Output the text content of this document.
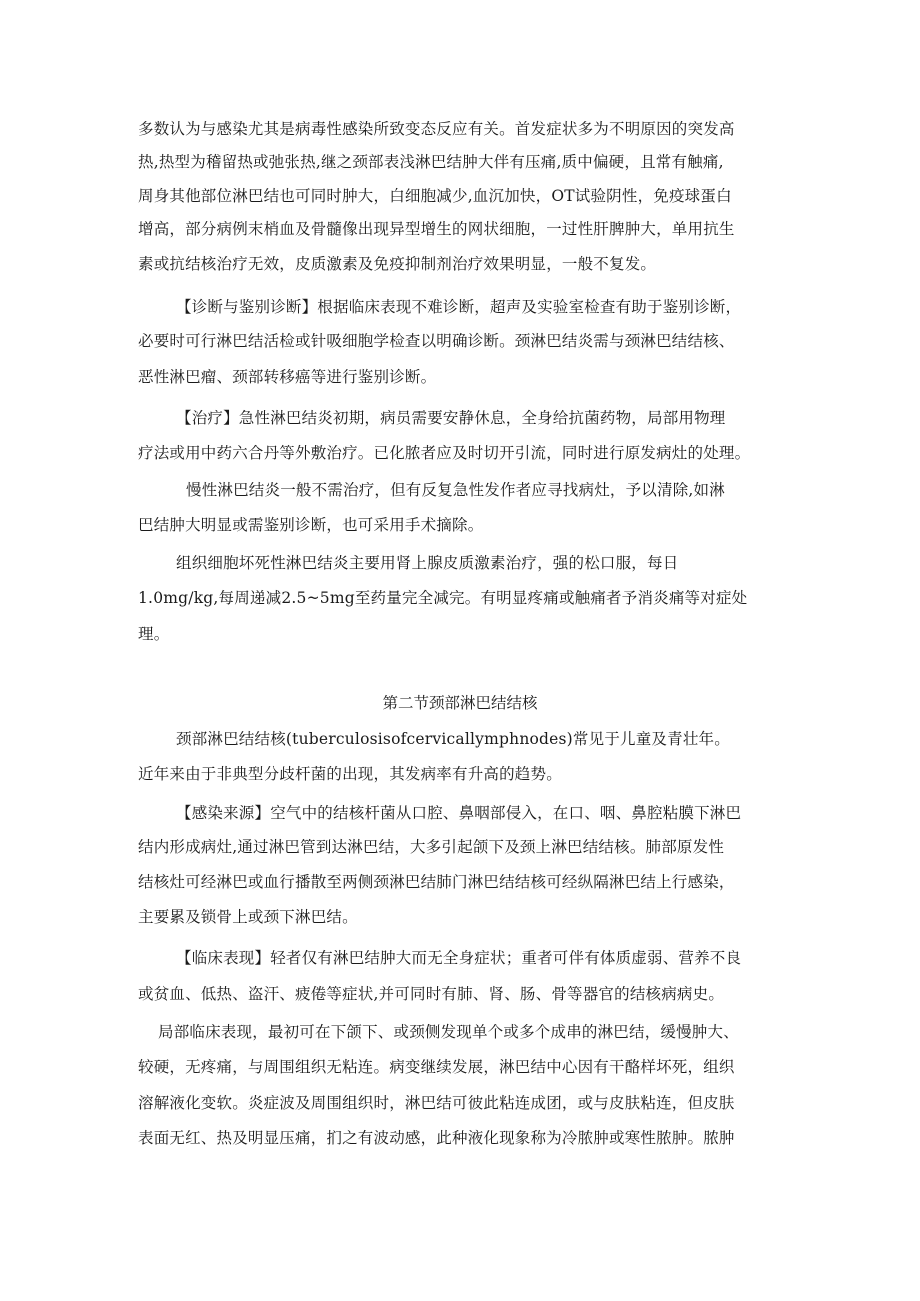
多数认为与感染尤其是病毒性感染所致变态反应有关。首发症状多为不明原因的突发高

热,热型为稽留热或弛张热,继之颈部表浅淋巴结肿大伴有压痛,质中偏硬，且常有触痛,

周身其他部位淋巴结也可同时肿大，白细胞减少,血沉加快，OT试验阴性，免疫球蛋白

增高，部分病例末梢血及骨髓像出现异型增生的网状细胞，一过性肝脾肿大，单用抗生

素或抗结核治疗无效，皮质激素及免疫抑制剂治疗效果明显，一般不复发。

【诊断与鉴别诊断】根据临床表现不难诊断，超声及实验室检查有助于鉴别诊断，

必要时可行淋巴结活检或针吸细胞学检查以明确诊断。颈淋巴结炎需与颈淋巴结结核、

恶性淋巴瘤、颈部转移癌等进行鉴别诊断。

【治疗】急性淋巴结炎初期，病员需要安静休息，全身给抗菌药物，局部用物理

疗法或用中药六合丹等外敷治疗。已化脓者应及时切开引流，同时进行原发病灶的处理。

慢性淋巴结炎一般不需治疗，但有反复急性发作者应寻找病灶，予以清除,如淋

巴结肿大明显或需鉴别诊断，也可采用手术摘除。

组织细胞坏死性淋巴结炎主要用肾上腺皮质激素治疗，强的松口服，每日

1.0mg/kg,每周递减2.5~5mg至药量完全减完。有明显疼痛或触痛者予消炎痛等对症处

理。

第二节颈部淋巴结结核

颈部淋巴结结核(tuberculosisofcervicallymphnodes)常见于儿童及青壮年。

近年来由于非典型分歧杆菌的出现，其发病率有升高的趋势。

【感染来源】空气中的结核杆菌从口腔、鼻咽部侵入，在口、咽、鼻腔粘膜下淋巴

结内形成病灶,通过淋巴管到达淋巴结，大多引起颌下及颈上淋巴结结核。肺部原发性

结核灶可经淋巴或血行播散至两侧颈淋巴结肺门淋巴结结核可经纵隔淋巴结上行感染，

主要累及锁骨上或颈下淋巴结。

【临床表现】轻者仅有淋巴结肿大而无全身症状；重者可伴有体质虚弱、营养不良

或贫血、低热、盗汗、疲倦等症状,并可同时有肺、肾、肠、骨等器官的结核病病史。

局部临床表现，最初可在下颌下、或颈侧发现单个或多个成串的淋巴结，缓慢肿大、

较硬，无疼痛，与周围组织无粘连。病变继续发展，淋巴结中心因有干酪样坏死，组织

溶解液化变软。炎症波及周围组织时，淋巴结可彼此粘连成团，或与皮肤粘连，但皮肤

表面无红、热及明显压痛，扪之有波动感，此种液化现象称为冷脓肿或寒性脓肿。脓肿
